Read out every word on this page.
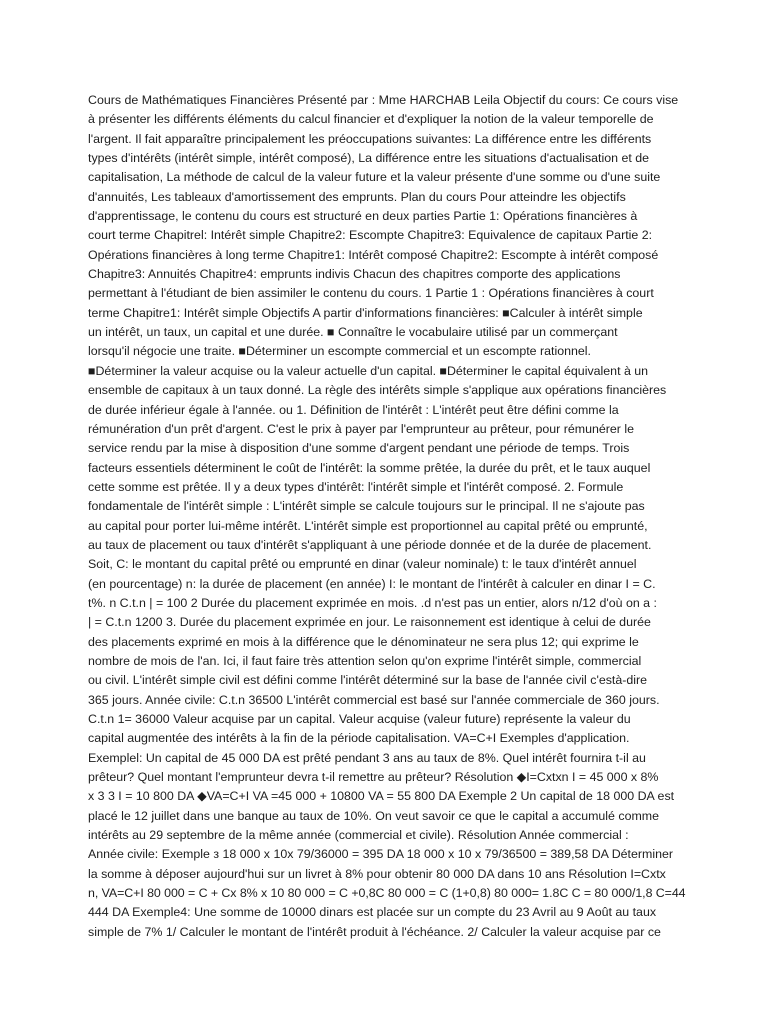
Cours de Mathématiques Financières Présenté par : Mme HARCHAB Leila Objectif du cours: Ce cours vise
à présenter les différents éléments du calcul financier et d'expliquer la notion de la valeur temporelle de
l'argent. Il fait apparaître principalement les préoccupations suivantes: La différence entre les différents
types d'intérêts (intérêt simple, intérêt composé), La différence entre les situations d'actualisation et de
capitalisation, La méthode de calcul de la valeur future et la valeur présente d'une somme ou d'une suite
d'annuités, Les tableaux d'amortissement des emprunts. Plan du cours Pour atteindre les objectifs
d'apprentissage, le contenu du cours est structuré en deux parties Partie 1: Opérations financières à
court terme Chapitrel: Intérêt simple Chapitre2: Escompte Chapitre3: Equivalence de capitaux Partie 2:
Opérations financières à long terme Chapitre1: Intérêt composé Chapitre2: Escompte à intérêt composé
Chapitre3: Annuités Chapitre4: emprunts indivis Chacun des chapitres comporte des applications
permettant à l'étudiant de bien assimiler le contenu du cours. 1 Partie 1 : Opérations financières à court
terme Chapitre1: Intérêt simple Objectifs A partir d'informations financières: ■Calculer à intérêt simple
un intérêt, un taux, un capital et une durée. ■ Connaître le vocabulaire utilisé par un commerçant
lorsqu'il négocie une traite. ■Déterminer un escompte commercial et un escompte rationnel.
■Déterminer la valeur acquise ou la valeur actuelle d'un capital. ■Déterminer le capital équivalent à un
ensemble de capitaux à un taux donné. La règle des intérêts simple s'applique aux opérations financières
de durée inférieur égale à l'année. ou 1. Définition de l'intérêt : L'intérêt peut être défini comme la
rémunération d'un prêt d'argent. C'est le prix à payer par l'emprunteur au prêteur, pour rémunérer le
service rendu par la mise à disposition d'une somme d'argent pendant une période de temps. Trois
facteurs essentiels déterminent le coût de l'intérêt: la somme prêtée, la durée du prêt, et le taux auquel
cette somme est prêtée. Il y a deux types d'intérêt: l'intérêt simple et l'intérêt composé. 2. Formule
fondamentale de l'intérêt simple : L'intérêt simple se calcule toujours sur le principal. Il ne s'ajoute pas
au capital pour porter lui-même intérêt. L'intérêt simple est proportionnel au capital prêté ou emprunté,
au taux de placement ou taux d'intérêt s'appliquant à une période donnée et de la durée de placement.
Soit, C: le montant du capital prêté ou emprunté en dinar (valeur nominale) t: le taux d'intérêt annuel
(en pourcentage) n: la durée de placement (en année) I: le montant de l'intérêt à calculer en dinar I = C.
t%. n C.t.n | = 100 2 Durée du placement exprimée en mois. .d n'est pas un entier, alors n/12 d'où on a :
| = C.t.n 1200 3. Durée du placement exprimée en jour. Le raisonnement est identique à celui de durée
des placements exprimé en mois à la différence que le dénominateur ne sera plus 12; qui exprime le
nombre de mois de l'an. Ici, il faut faire très attention selon qu'on exprime l'intérêt simple, commercial
ou civil. L'intérêt simple civil est défini comme l'intérêt déterminé sur la base de l'année civil c'està-dire
365 jours. Année civile: C.t.n 36500 L'intérêt commercial est basé sur l'année commerciale de 360 jours.
C.t.n 1= 36000 Valeur acquise par un capital. Valeur acquise (valeur future) représente la valeur du
capital augmentée des intérêts à la fin de la période capitalisation. VA=C+I Exemples d'application.
Exemplel: Un capital de 45 000 DA est prêté pendant 3 ans au taux de 8%. Quel intérêt fournira t-il au
prêteur? Quel montant l'emprunteur devra t-il remettre au prêteur? Résolution ◆I=Cxtxn I = 45 000 x 8%
x 3 3 I = 10 800 DA ◆VA=C+I VA =45 000 + 10800 VA = 55 800 DA Exemple 2 Un capital de 18 000 DA est
placé le 12 juillet dans une banque au taux de 10%. On veut savoir ce que le capital a accumulé comme
intérêts au 29 septembre de la même année (commercial et civile). Résolution Année commercial :
Année civile: Exemple з 18 000 x 10x 79/36000 = 395 DA 18 000 x 10 x 79/36500 = 389,58 DA Déterminer
la somme à déposer aujourd'hui sur un livret à 8% pour obtenir 80 000 DA dans 10 ans Résolution I=Cxtx
n, VA=C+I 80 000 = C + Cx 8% x 10 80 000 = C +0,8C 80 000 = C (1+0,8) 80 000= 1.8C C = 80 000/1,8 C=44
444 DA Exemple4: Une somme de 10000 dinars est placée sur un compte du 23 Avril au 9 Août au taux
simple de 7% 1/ Calculer le montant de l'intérêt produit à l'échéance. 2/ Calculer la valeur acquise par ce
